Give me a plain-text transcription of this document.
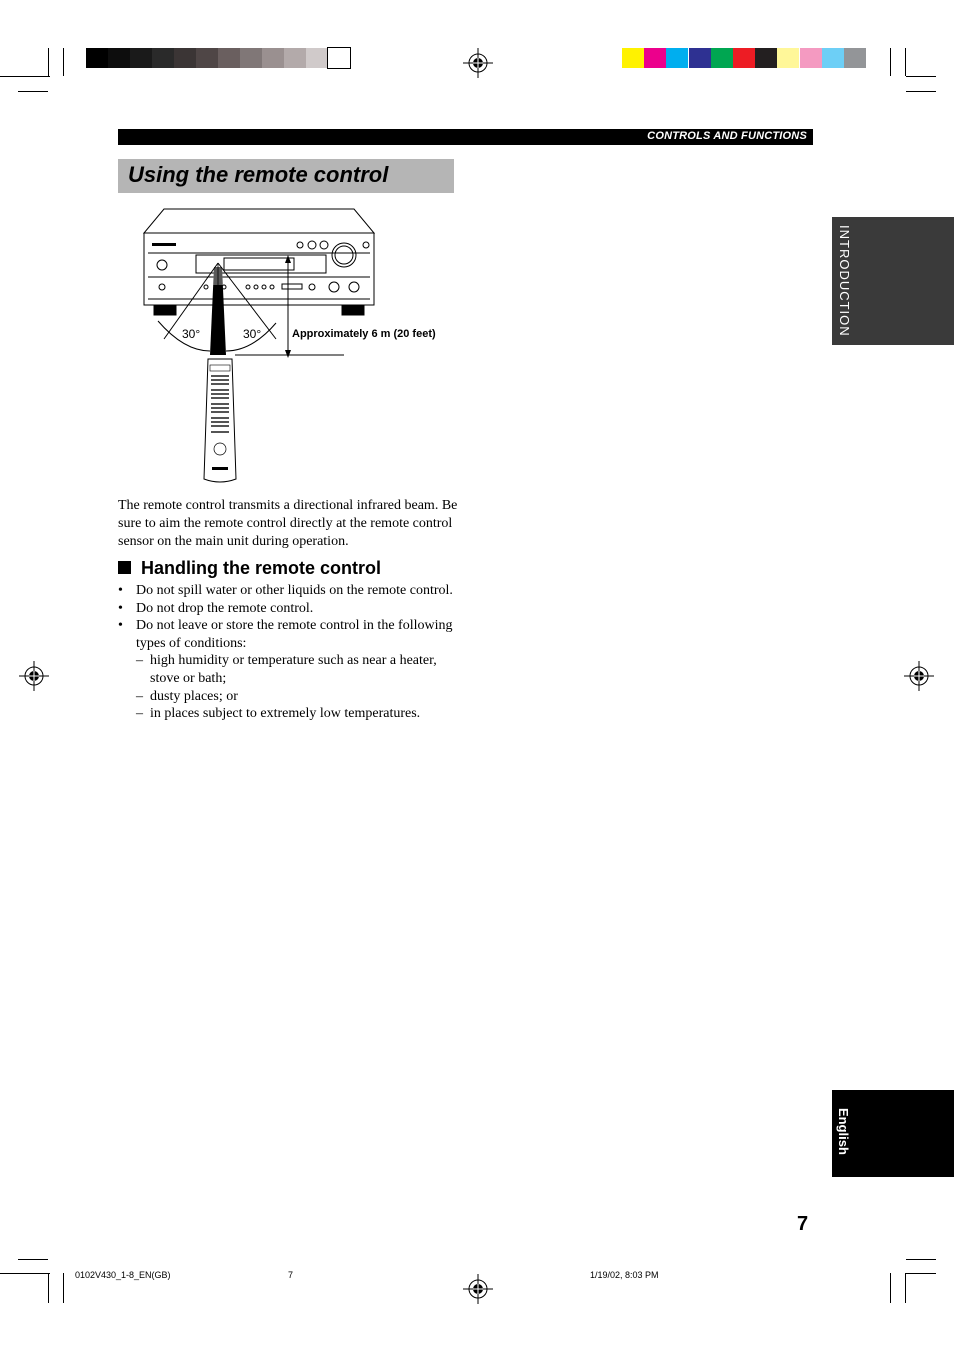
CONTROLS AND FUNCTIONS
Using the remote control
INTRODUCTION
English
30°	30°	Approximately 6 m (20 feet)
The remote control transmits a directional infrared beam. Be sure to aim the remote control directly at the remote control sensor on the main unit during operation.
Handling the remote control
• Do not spill water or other liquids on the remote control.
• Do not drop the remote control.
• Do not leave or store the remote control in the following types of conditions:
– high humidity or temperature such as near a heater, stove or bath;
– dusty places; or
– in places subject to extremely low temperatures.
7
0102V430_1-8_EN(GB)	7	1/19/02, 8:03 PM
